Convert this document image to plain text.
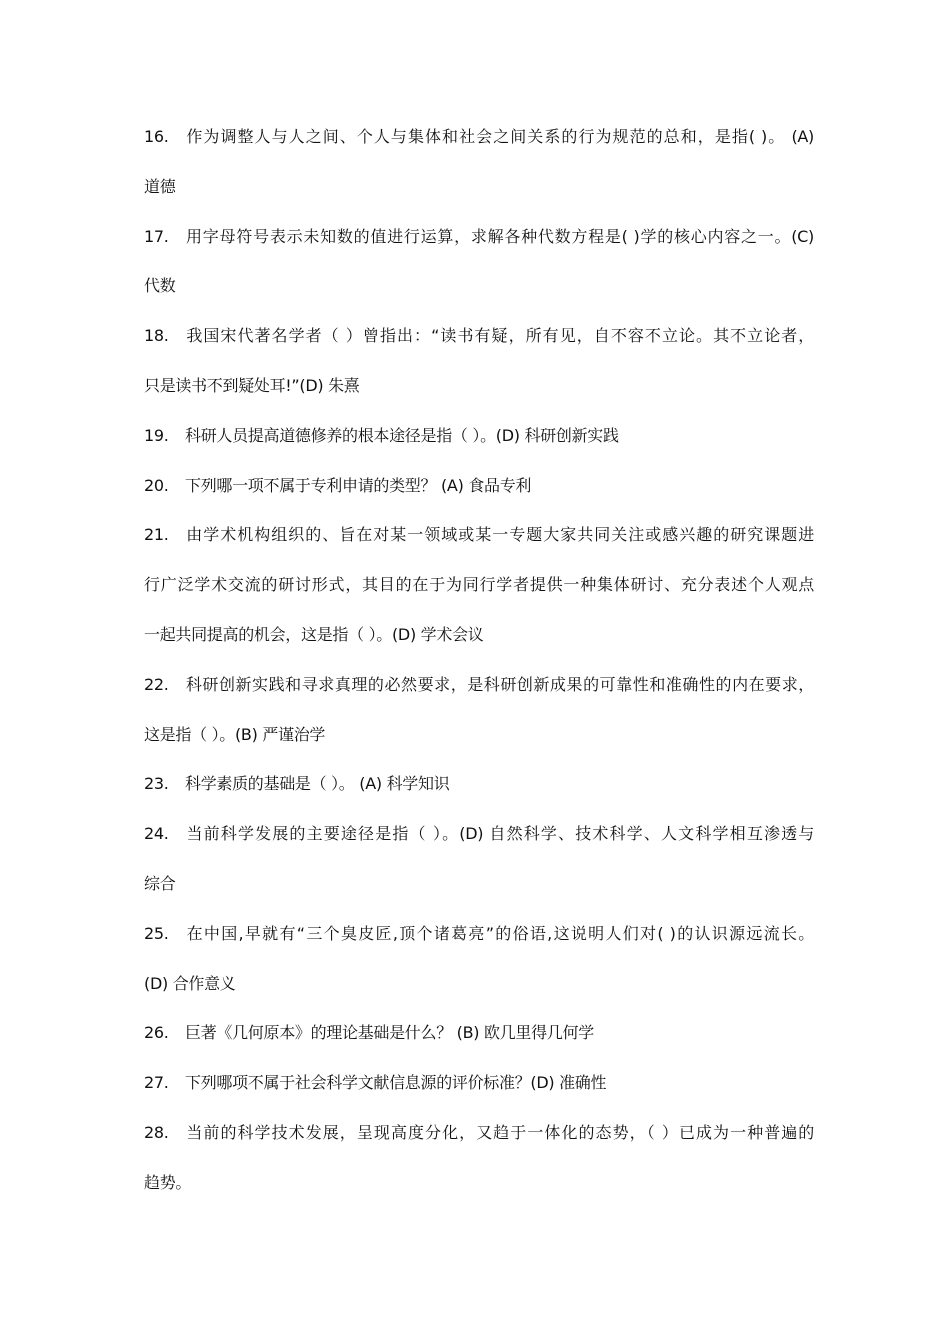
16. 作为调整人与人之间、个人与集体和社会之间关系的行为规范的总和，是指( )。 (A)
道德
17. 用字母符号表示未知数的值进行运算，求解各种代数方程是( )学的核心内容之一。(C)
代数
18. 我国宋代著名学者（ ）曾指出：“读书有疑，所有见，自不容不立论。其不立论者，
只是读书不到疑处耳!”(D) 朱熹
19. 科研人员提高道德修养的根本途径是指（ ）。(D) 科研创新实践
20. 下列哪一项不属于专利申请的类型？ (A) 食品专利
21. 由学术机构组织的、旨在对某一领域或某一专题大家共同关注或感兴趣的研究课题进
行广泛学术交流的研讨形式，其目的在于为同行学者提供一种集体研讨、充分表述个人观点
一起共同提高的机会，这是指（ ）。(D) 学术会议
22. 科研创新实践和寻求真理的必然要求，是科研创新成果的可靠性和准确性的内在要求，
这是指（ ）。(B) 严谨治学
23. 科学素质的基础是（ ）。 (A) 科学知识
24. 当前科学发展的主要途径是指（ ）。(D) 自然科学、技术科学、人文科学相互渗透与
综合
25. 在中国,早就有“三个臭皮匠,顶个诸葛亮”的俗语,这说明人们对( )的认识源远流长。
(D) 合作意义
26. 巨著《几何原本》的理论基础是什么？ (B) 欧几里得几何学
27. 下列哪项不属于社会科学文献信息源的评价标准？(D) 准确性
28. 当前的科学技术发展，呈现高度分化，又趋于一体化的态势，（ ）已成为一种普遍的
趋势。
